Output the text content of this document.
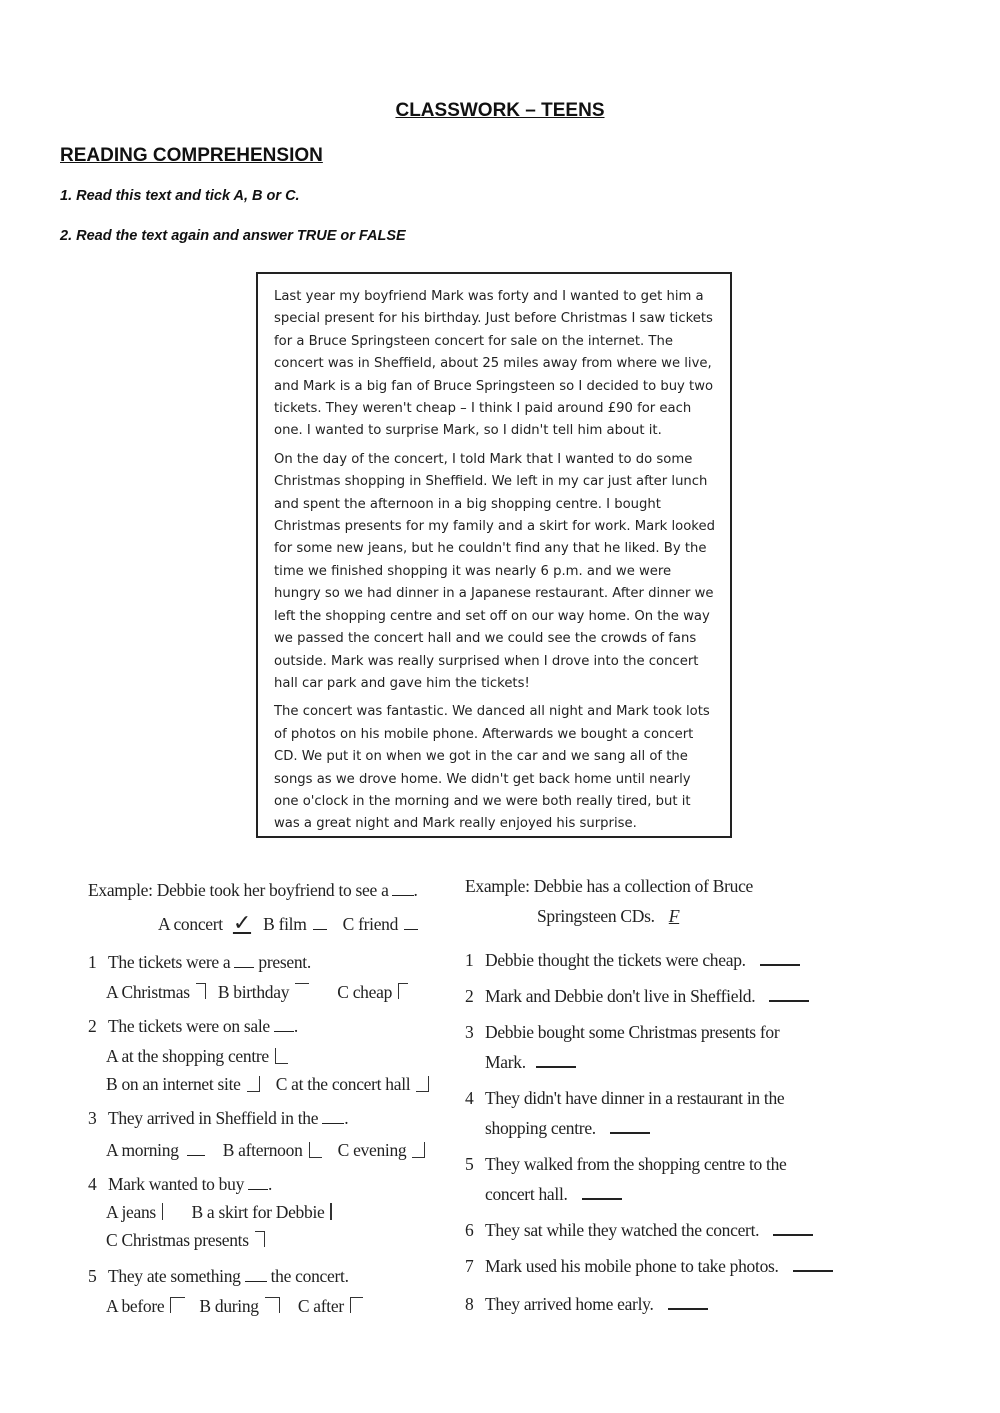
CLASSWORK – TEENS
READING COMPREHENSION
1. Read this text and tick A, B or C.
2. Read the text again and answer TRUE or FALSE

Last year my boyfriend Mark was forty and I wanted to get him a special present for his birthday. Just before Christmas I saw tickets for a Bruce Springsteen concert for sale on the internet. The concert was in Sheffield, about 25 miles away from where we live, and Mark is a big fan of Bruce Springsteen so I decided to buy two tickets. They weren't cheap – I think I paid around £90 for each one. I wanted to surprise Mark, so I didn't tell him about it.

On the day of the concert, I told Mark that I wanted to do some Christmas shopping in Sheffield. We left in my car just after lunch and spent the afternoon in a big shopping centre. I bought Christmas presents for my family and a skirt for work. Mark looked for some new jeans, but he couldn't find any that he liked. By the time we finished shopping it was nearly 6 p.m. and we were hungry so we had dinner in a Japanese restaurant. After dinner we left the shopping centre and set off on our way home. On the way we passed the concert hall and we could see the crowds of fans outside. Mark was really surprised when I drove into the concert hall car park and gave him the tickets!

The concert was fantastic. We danced all night and Mark took lots of photos on his mobile phone. Afterwards we bought a concert CD. We put it on when we got in the car and we sang all of the songs as we drove home. We didn't get back home until nearly one o'clock in the morning and we were both really tired, but it was a great night and Mark really enjoyed his surprise.

Example: Debbie took her boyfriend to see a .
A concert ✓ B film C friend
1 The tickets were a present.
A Christmas B birthday	C cheap
2 The tickets were on sale .
A at the shopping centre
B on an internet site C at the concert hall
3 They arrived in Sheffield in the .
A morning	B afternoon C evening
4 Mark wanted to buy .
A jeans B a skirt for Debbie
C Christmas presents
5 They ate something the concert.
A before B during C after
Example: Debbie has a collection of Bruce
Springsteen CDs. F
1 Debbie thought the tickets were cheap.
2 Mark and Debbie don't live in Sheffield.
3 Debbie bought some Christmas presents for
Mark.
4 They didn't have dinner in a restaurant in the
shopping centre.
5 They walked from the shopping centre to the
concert hall.
6 They sat while they watched the concert.
7 Mark used his mobile phone to take photos.
8 They arrived home early.
